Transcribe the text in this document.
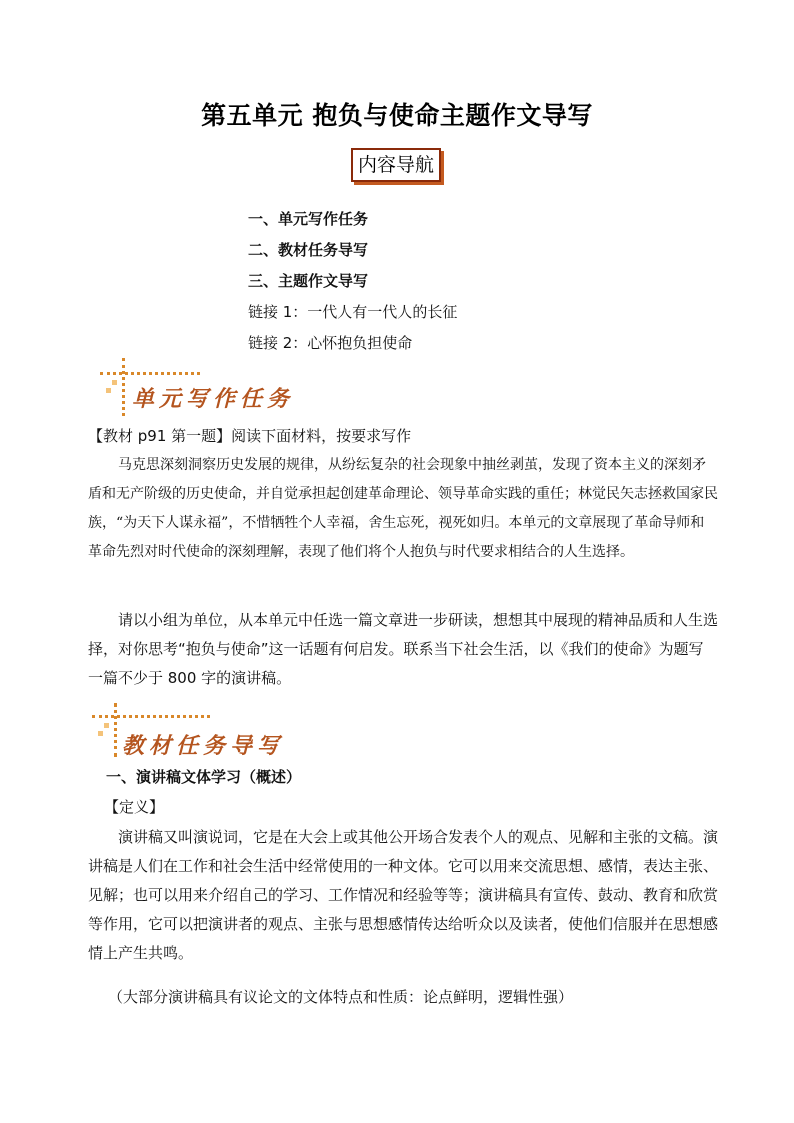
第五单元 抱负与使命主题作文导写
内容导航
一、单元写作任务
二、教材任务导写
三、主题作文导写
链接 1：一代人有一代人的长征
链接 2：心怀抱负担使命
单元写作任务
【教材 p91 第一题】阅读下面材料，按要求写作
马克思深刻洞察历史发展的规律，从纷纭复杂的社会现象中抽丝剥茧，发现了资本主义的深刻矛盾和无产阶级的历史使命，并自觉承担起创建革命理论、领导革命实践的重任；林觉民矢志拯救国家民族，“为天下人谋永福”，不惜牺牲个人幸福，舍生忘死，视死如归。本单元的文章展现了革命导师和革命先烈对时代使命的深刻理解，表现了他们将个人抱负与时代要求相结合的人生选择。
请以小组为单位，从本单元中任选一篇文章进一步研读，想想其中展现的精神品质和人生选择，对你思考“抱负与使命”这一话题有何启发。联系当下社会生活，以《我们的使命》为题写一篇不少于 800 字的演讲稿。
教材任务导写
一、演讲稿文体学习（概述）
【定义】
演讲稿又叫演说词，它是在大会上或其他公开场合发表个人的观点、见解和主张的文稿。演讲稿是人们在工作和社会生活中经常使用的一种文体。它可以用来交流思想、感情，表达主张、见解；也可以用来介绍自己的学习、工作情况和经验等等；演讲稿具有宣传、鼓动、教育和欣赏等作用，它可以把演讲者的观点、主张与思想感情传达给听众以及读者，使他们信服并在思想感情上产生共鸣。
（大部分演讲稿具有议论文的文体特点和性质：论点鲜明，逻辑性强）
